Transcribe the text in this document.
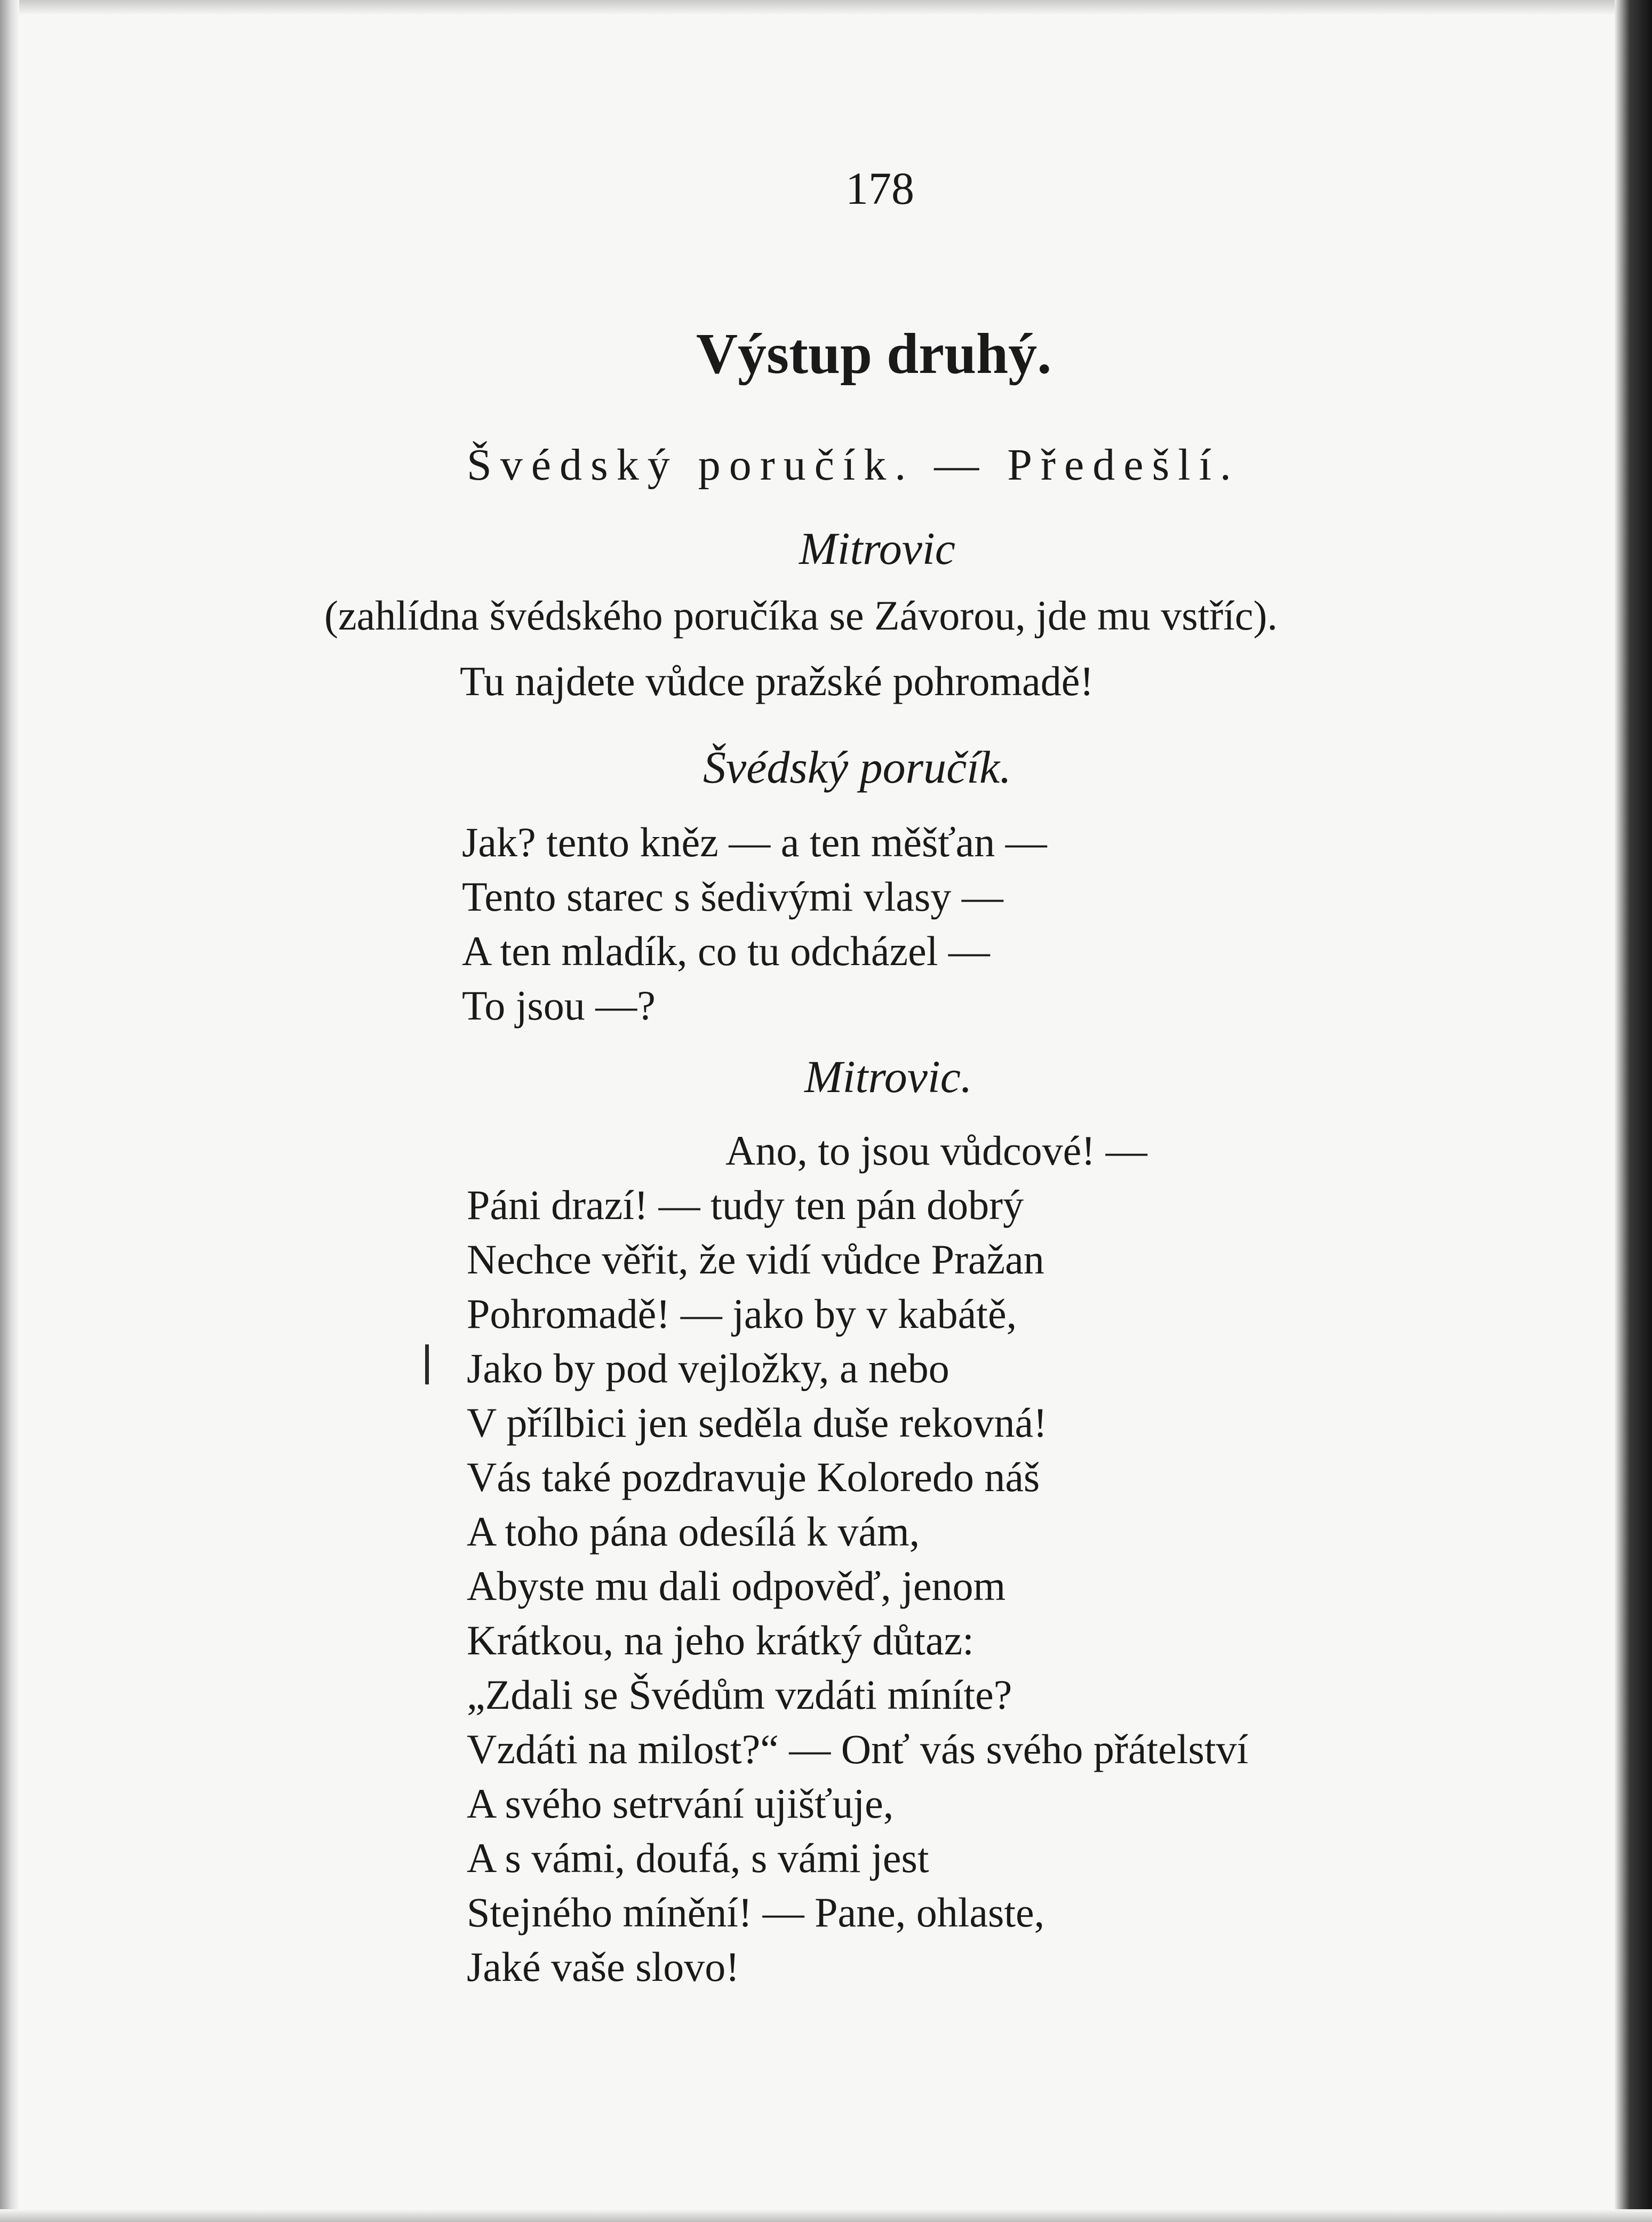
178
Výstup druhý.
Švédský poručík. — Předešlí.
Mitrovic
(zahlídna švédského poručíka se Závorou, jde mu vstříc).
Tu najdete vůdce pražské pohromadě!
Švédský poručík.
Jak? tento kněz — a ten měšťan —
Tento starec s šedivými vlasy —
A ten mladík, co tu odcházel —
To jsou —?
Mitrovic.
Ano, to jsou vůdcové! —
Páni drazí! — tudy ten pán dobrý
Nechce věřit, že vidí vůdce Pražan
Pohromadě! — jako by v kabátě,
Jako by pod vejložky, a nebo
V přílbici jen seděla duše rekovná!
Vás také pozdravuje Koloredo náš
A toho pána odesílá k vám,
Abyste mu dali odpověď, jenom
Krátkou, na jeho krátký důtaz:
„Zdali se Švédům vzdáti míníte?
Vzdáti na milost?“ — Onť vás svého přátelství
A svého setrvání ujišťuje,
A s vámi, doufá, s vámi jest
Stejného mínění! — Pane, ohlaste,
Jaké vaše slovo!
